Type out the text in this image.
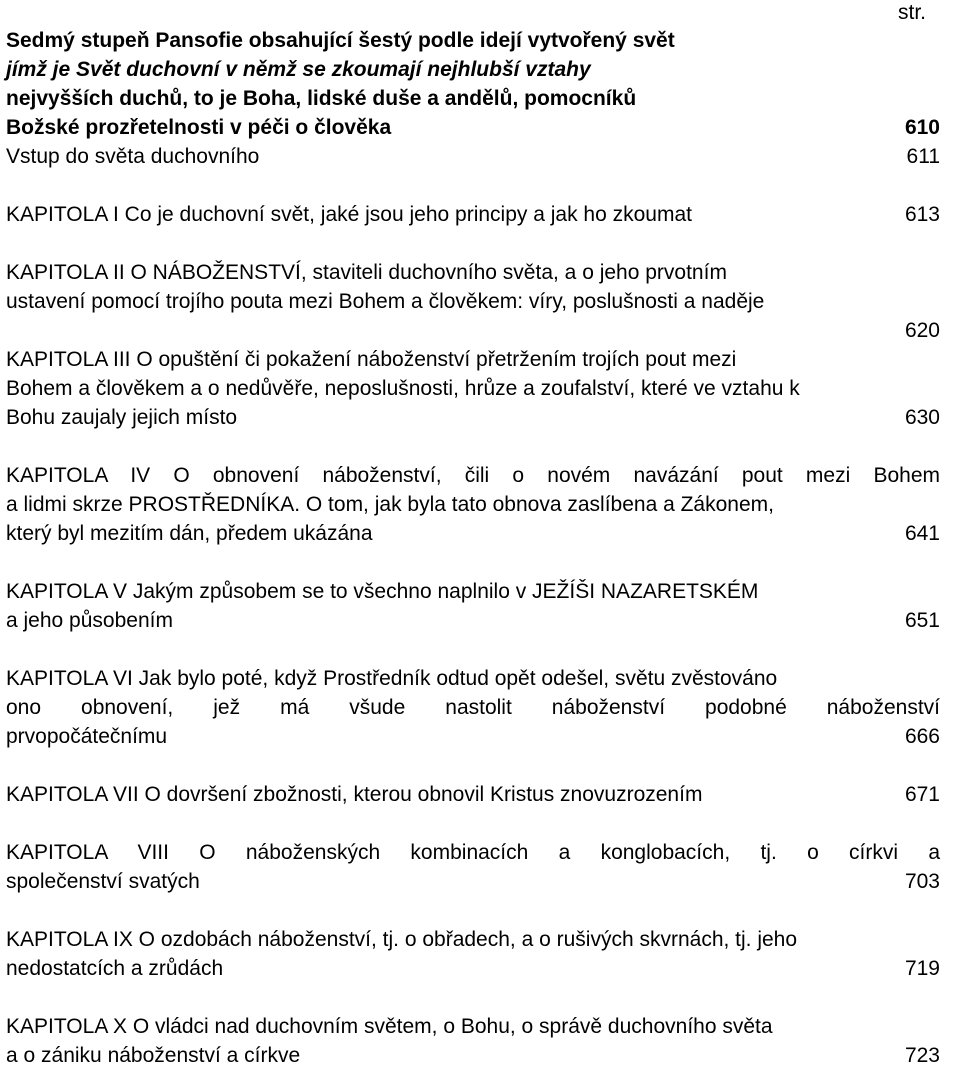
str.
Sedmý stupeň Pansofie obsahující šestý podle idejí vytvořený svět
jímž je Svět duchovní v němž se zkoumají nejhlubší vztahy
nejvyšších duchů, to je Boha, lidské duše a andělů, pomocníků
Božské prozřetelnosti v péči o člověka	610
Vstup do světa duchovního	611
KAPITOLA I Co je duchovní svět, jaké jsou jeho principy a jak ho zkoumat	613
KAPITOLA II O NÁBOŽENSTVÍ, staviteli duchovního světa, a o jeho prvotním
ustavení pomocí trojího pouta mezi Bohem a člověkem: víry, poslušnosti a naděje
620
KAPITOLA III O opuštění či pokažení náboženství přetržením trojích pout mezi
Bohem a člověkem a o nedůvěře, neposlušnosti, hrůze a zoufalství, které ve vztahu k
Bohu zaujaly jejich místo	630
KAPITOLA IV O obnovení náboženství, čili o novém navázání pout mezi Bohem
a lidmi skrze PROSTŘEDNÍKA. O tom, jak byla tato obnova zaslíbena a Zákonem,
který byl mezitím dán, předem ukázána	641
KAPITOLA V Jakým způsobem se to všechno naplnilo v JEŽÍŠI NAZARETSKÉM
a jeho působením	651
KAPITOLA VI Jak bylo poté, když Prostředník odtud opět odešel, světu zvěstováno
ono obnovení, jež má všude nastolit náboženství podobné náboženství
prvopočátečnímu	666
KAPITOLA VII O dovršení zbožnosti, kterou obnovil Kristus znovuzrozením	671
KAPITOLA VIII O náboženských kombinacích a konglobacích, tj. o církvi a
společenství svatých	703
KAPITOLA IX O ozdobách náboženství, tj. o obřadech, a o rušivých skvrnách, tj. jeho
nedostatcích a zrůdách	719
KAPITOLA X O vládci nad duchovním světem, o Bohu, o správě duchovního světa
a o zániku náboženství a církve	723
